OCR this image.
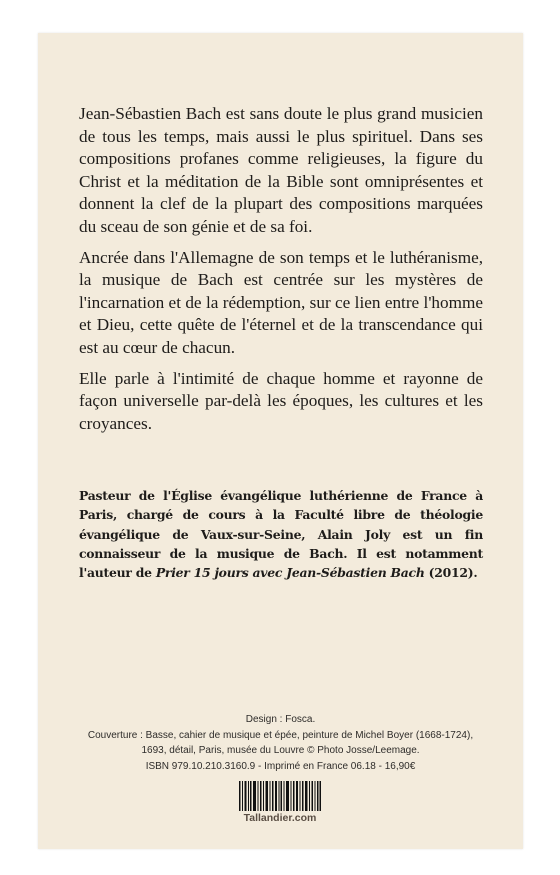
Jean-Sébastien Bach est sans doute le plus grand musicien de tous les temps, mais aussi le plus spirituel. Dans ses compositions profanes comme religieuses, la figure du Christ et la méditation de la Bible sont omniprésentes et donnent la clef de la plupart des compositions marquées du sceau de son génie et de sa foi.

Ancrée dans l'Allemagne de son temps et le luthéranisme, la musique de Bach est centrée sur les mystères de l'incarnation et de la rédemption, sur ce lien entre l'homme et Dieu, cette quête de l'éternel et de la transcendance qui est au cœur de chacun.

Elle parle à l'intimité de chaque homme et rayonne de façon universelle par-delà les époques, les cultures et les croyances.

Pasteur de l'Église évangélique luthérienne de France à Paris, chargé de cours à la Faculté libre de théologie évangélique de Vaux-sur-Seine, Alain Joly est un fin connaisseur de la musique de Bach. Il est notamment l'auteur de Prier 15 jours avec Jean-Sébastien Bach (2012).
Design : Fosca.
Couverture : Basse, cahier de musique et épée, peinture de Michel Boyer (1668-1724),
1693, détail, Paris, musée du Louvre © Photo Josse/Leemage.
ISBN 979.10.210.3160.9 - Imprimé en France 06.18 - 16,90€
Tallandier.com
